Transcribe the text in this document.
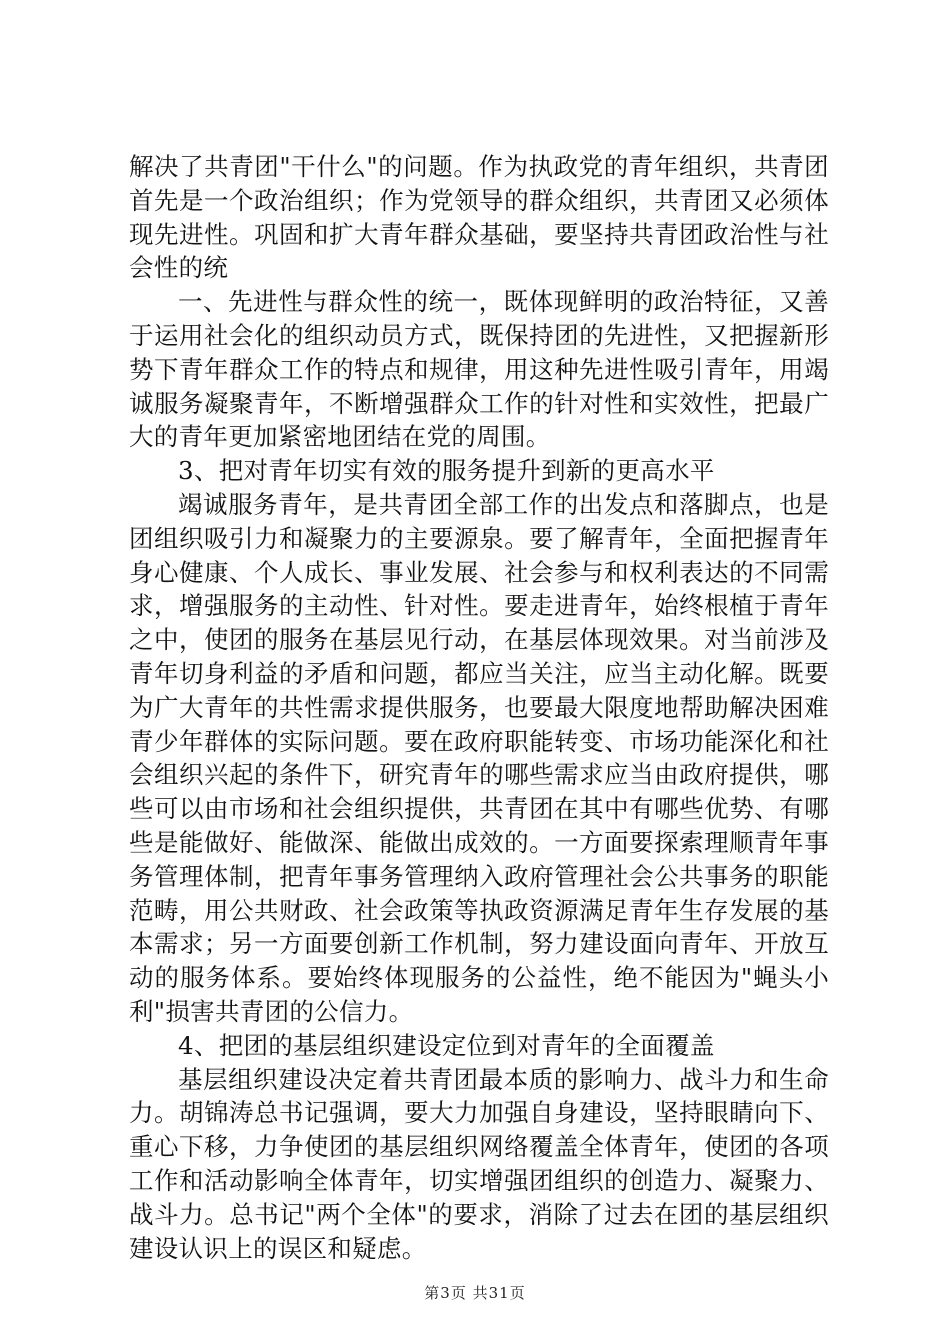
解决了共青团"干什么"的问题。作为执政党的青年组织，共青团首先是一个政治组织；作为党领导的群众组织，共青团又必须体现先进性。巩固和扩大青年群众基础，要坚持共青团政治性与社会性的统

一、先进性与群众性的统一，既体现鲜明的政治特征，又善于运用社会化的组织动员方式，既保持团的先进性，又把握新形势下青年群众工作的特点和规律，用这种先进性吸引青年，用竭诚服务凝聚青年，不断增强群众工作的针对性和实效性，把最广大的青年更加紧密地团结在党的周围。

3、把对青年切实有效的服务提升到新的更高水平

竭诚服务青年，是共青团全部工作的出发点和落脚点，也是团组织吸引力和凝聚力的主要源泉。要了解青年，全面把握青年身心健康、个人成长、事业发展、社会参与和权利表达的不同需求，增强服务的主动性、针对性。要走进青年，始终根植于青年之中，使团的服务在基层见行动，在基层体现效果。对当前涉及青年切身利益的矛盾和问题，都应当关注，应当主动化解。既要为广大青年的共性需求提供服务，也要最大限度地帮助解决困难青少年群体的实际问题。要在政府职能转变、市场功能深化和社会组织兴起的条件下，研究青年的哪些需求应当由政府提供，哪些可以由市场和社会组织提供，共青团在其中有哪些优势、有哪些是能做好、能做深、能做出成效的。一方面要探索理顺青年事务管理体制，把青年事务管理纳入政府管理社会公共事务的职能范畴，用公共财政、社会政策等执政资源满足青年生存发展的基本需求；另一方面要创新工作机制，努力建设面向青年、开放互动的服务体系。要始终体现服务的公益性，绝不能因为"蝇头小利"损害共青团的公信力。

4、把团的基层组织建设定位到对青年的全面覆盖

基层组织建设决定着共青团最本质的影响力、战斗力和生命力。胡锦涛总书记强调，要大力加强自身建设，坚持眼睛向下、重心下移，力争使团的基层组织网络覆盖全体青年，使团的各项工作和活动影响全体青年，切实增强团组织的创造力、凝聚力、战斗力。总书记"两个全体"的要求，消除了过去在团的基层组织建设认识上的误区和疑虑。

第3页 共31页
